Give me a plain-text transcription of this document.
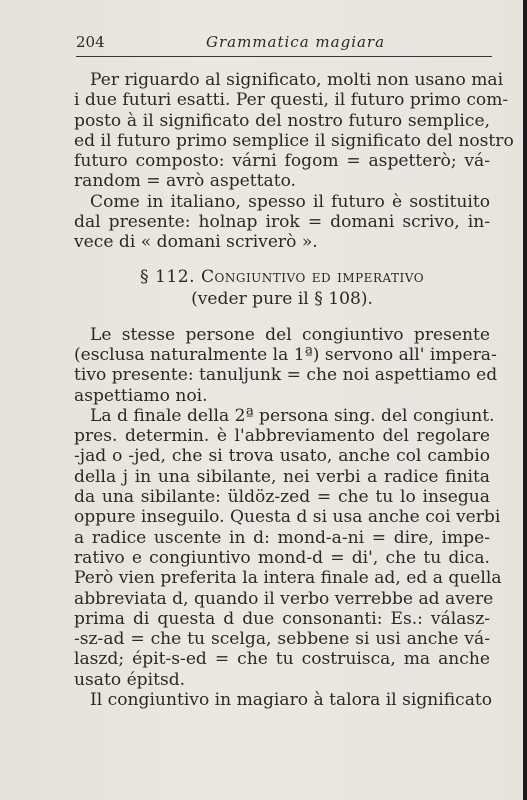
204	Grammatica magiara
Per riguardo al significato, molti non usano mai
i due futuri esatti. Per questi, il futuro primo com-
posto à il significato del nostro futuro semplice,
ed il futuro primo semplice il significato del nostro
futuro composto: várni fogom = aspetterò; vá-
random = avrò aspettato.
Come in italiano, spesso il futuro è sostituito
dal presente: holnap irok = domani scrivo, in-
vece di « domani scriverò ».
§ 112. Congiuntivo ed imperativo
(veder pure il § 108).
Le stesse persone del congiuntivo presente
(esclusa naturalmente la 1ª) servono all' impera-
tivo presente: tanuljunk = che noi aspettiamo ed
aspettiamo noi.
La d finale della 2ª persona sing. del congiunt.
pres. determin. è l'abbreviamento del regolare
-jad o -jed, che si trova usato, anche col cambio
della j in una sibilante, nei verbi a radice finita
da una sibilante: üldöz-zed = che tu lo insegua
oppure inseguilo. Questa d si usa anche coi verbi
a radice uscente in d: mond-a-ni = dire, impe-
rativo e congiuntivo mond-d = di', che tu dica.
Però vien preferita la intera finale ad, ed a quella
abbreviata d, quando il verbo verrebbe ad avere
prima di questa d due consonanti: Es.: válasz-
-sz-ad = che tu scelga, sebbene si usi anche vá-
laszd; épit-s-ed = che tu costruisca, ma anche
usato épitsd.
Il congiuntivo in magiaro à talora il significato
